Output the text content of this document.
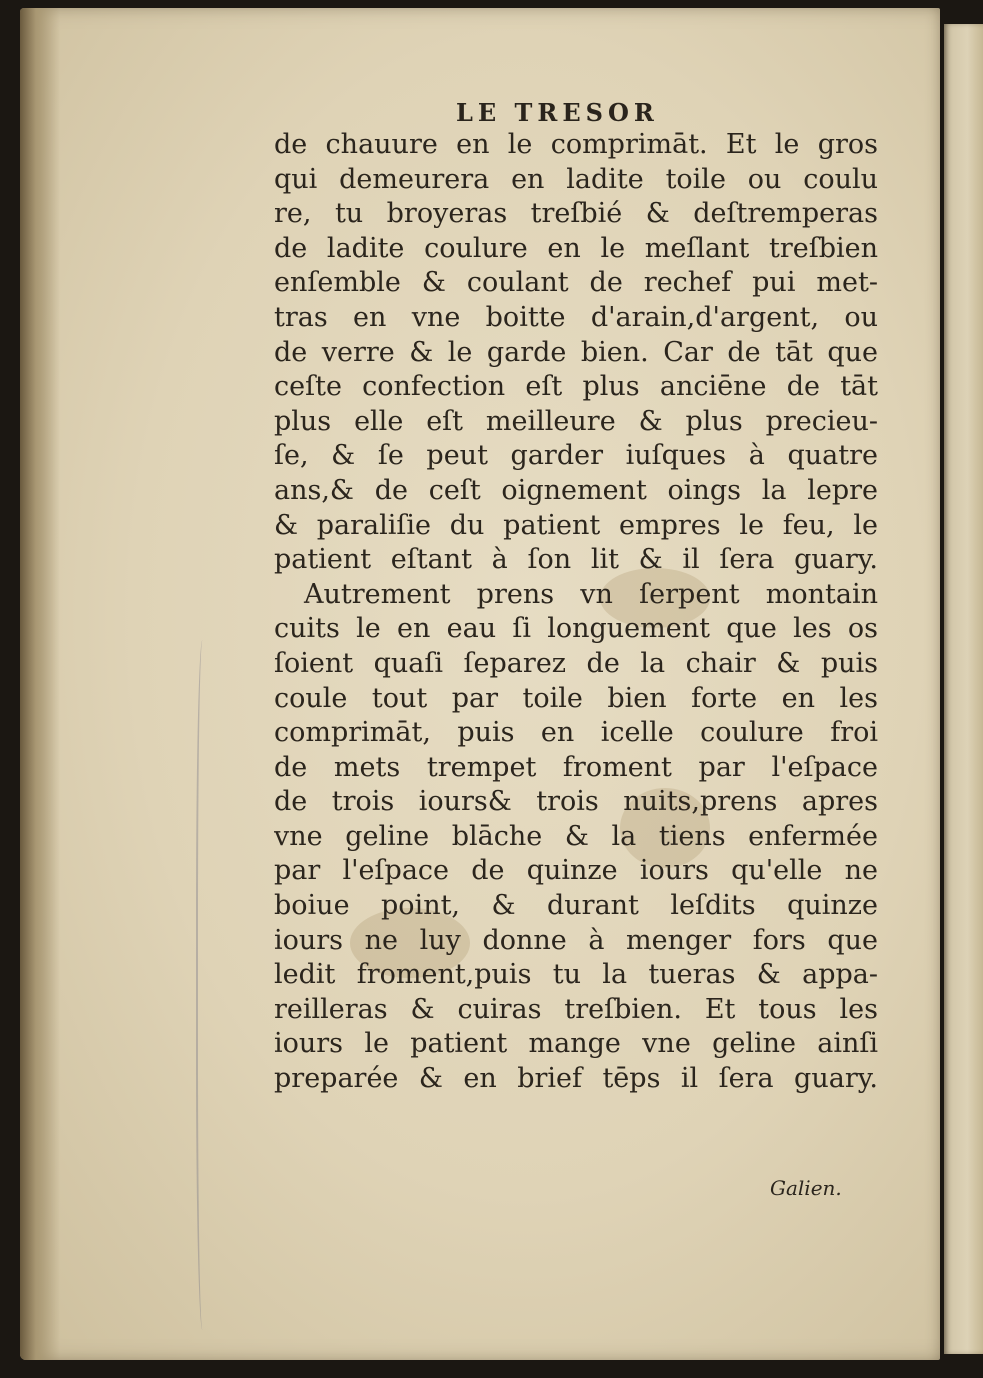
LE TRESOR
de chauure en le comprimāt. Et le gros
qui demeurera en ladite toile ou coulu
re, tu broyeras treſbié & deſtremperas
de ladite coulure en le meſlant treſbien
enſemble & coulant de rechef pui met-
tras en vne boitte d'arain,d'argent, ou
de verre & le garde bien. Car de tāt que
ceſte confection eſt plus anciēne de tāt
plus elle eſt meilleure & plus precieu-
ſe, & ſe peut garder iuſques à quatre
ans,& de ceſt oignement oings la lepre
& paraliſie du patient empres le feu, le
patient eſtant à ſon lit & il ſera guary.
Autrement prens vn ſerpent montain
cuits le en eau ſi longuement que les os
ſoient quaſi ſeparez de la chair & puis
coule tout par toile bien forte en les
comprimāt, puis en icelle coulure froi
de mets trempet froment par l'eſpace
de trois iours& trois nuits,prens apres
vne geline blāche & la tiens enfermée
par l'eſpace de quinze iours qu'elle ne
boiue point, & durant leſdits quinze
iours ne luy donne à menger fors que
ledit froment,puis tu la tueras & appa-
reilleras & cuiras treſbien. Et tous les
iours le patient mange vne geline ainſi
preparée & en brief tēps il ſera guary.
Galien.
